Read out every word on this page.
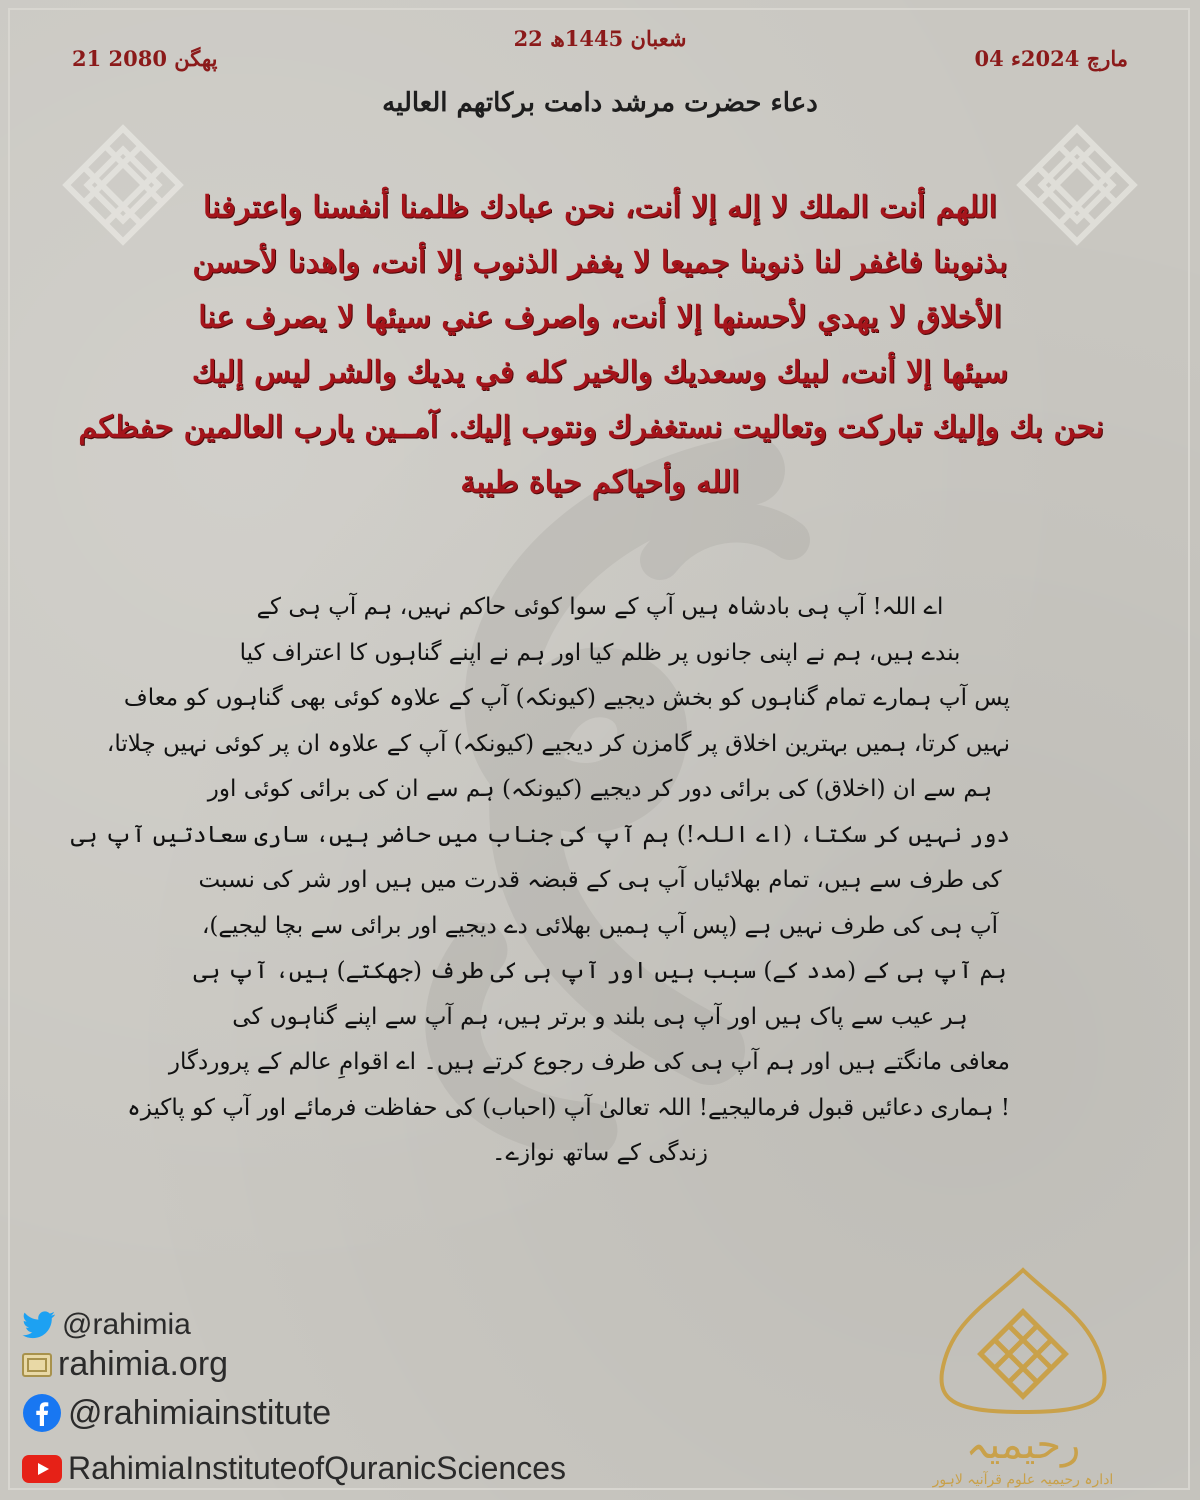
22 شعبان 1445ھ
04 مارچ 2024ء
21 پھگن 2080
دعاء حضرت مرشد دامت برکاتهم العاليه
اللهم أنت الملك لا إله إلا أنت، نحن عبادك ظلمنا أنفسنا واعترفنا
بذنوبنا فاغفر لنا ذنوبنا جميعا لا يغفر الذنوب إلا أنت، واهدنا لأحسن
الأخلاق لا يهدي لأحسنها إلا أنت، واصرف عني سيئها لا يصرف عنا
سيئها إلا أنت، لبيك وسعديك والخير كله في يديك والشر ليس إليك
نحن بك وإليك تباركت وتعاليت نستغفرك ونتوب إليك. آمــين يارب العالمين حفظكم
الله وأحياكم حياة طيبة
اے اللہ! آپ ہی بادشاہ ہیں آپ کے سوا کوئی حاکم نہیں، ہم آپ ہی کے
بندے ہیں، ہم نے اپنی جانوں پر ظلم کیا اور ہم نے اپنے گناہوں کا اعتراف کیا
پس آپ ہمارے تمام گناہوں کو بخش دیجیے (کیونکہ) آپ کے علاوہ کوئی بھی گناہوں کو معاف
نہیں کرتا، ہمیں بہترین اخلاق پر گامزن کر دیجیے (کیونکہ) آپ کے علاوہ ان پر کوئی نہیں چلاتا،
ہم سے ان (اخلاق) کی برائی دور کر دیجیے (کیونکہ) ہم سے ان کی برائی کوئی اور
دور نہیں کر سکتا، (اے اللہ!) ہم آپ کی جناب میں حاضر ہیں، ساری سعادتیں آپ ہی
کی طرف سے ہیں، تمام بھلائیاں آپ ہی کے قبضہ قدرت میں ہیں اور شر کی نسبت
آپ ہی کی طرف نہیں ہے (پس آپ ہمیں بھلائی دے دیجیے اور برائی سے بچا لیجیے)،
ہم آپ ہی کے (مدد کے) سبب ہیں اور آپ ہی کی طرف (جھکتے) ہیں، آپ ہی
ہر عیب سے پاک ہیں اور آپ ہی بلند و برتر ہیں، ہم آپ سے اپنے گناہوں کی
معافی مانگتے ہیں اور ہم آپ ہی کی طرف رجوع کرتے ہیں۔ اے اقوامِ عالم کے پروردگار
! ہماری دعائیں قبول فرمالیجیے! اللہ تعالیٰ آپ (احباب) کی حفاظت فرمائے اور آپ کو پاکیزہ
زندگی کے ساتھ نوازے۔
@rahimia
rahimia.org
@rahimiainstitute
RahimiaInstituteofQuranicSciences	رحیمیہ
ادارہ رحیمیہ علوم قرآنیہ لاہور
